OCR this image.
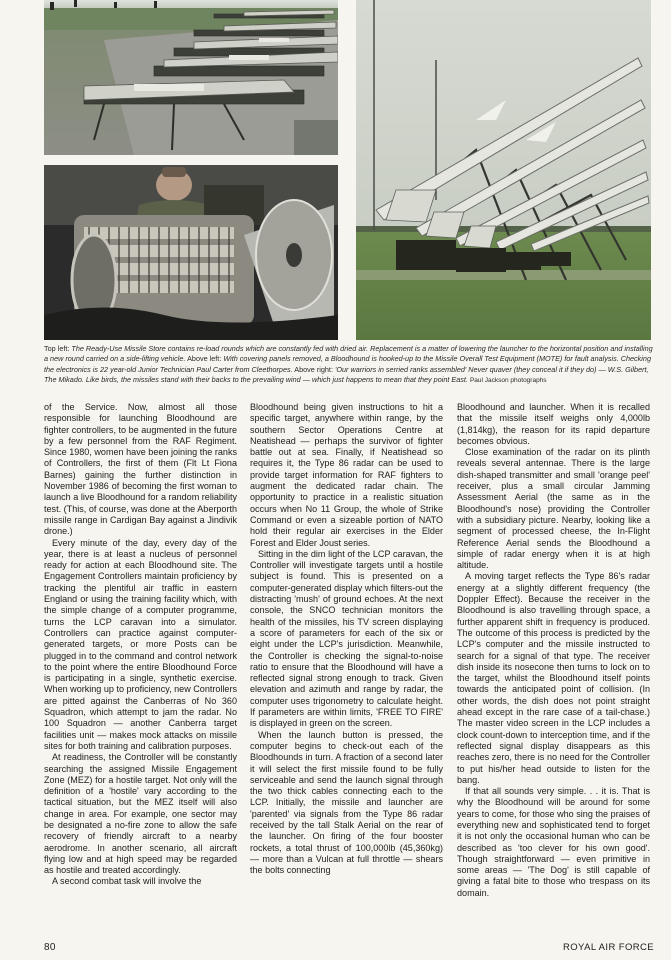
Top left: The Ready-Use Missile Store contains re-load rounds which are constantly fed with dried air. Replacement is a matter of lowering the launcher to the horizontal position and installing a new round carried on a side-lifting vehicle. Above left: With covering panels removed, a Bloodhound is hooked-up to the Missile Overall Test Equipment (MOTE) for fault analysis. Checking the electronics is 22 year-old Junior Technician Paul Carter from Cleethorpes. Above right: 'Our warriors in serried ranks assembled' Never quaver (they conceal it if they do) — W.S. Gilbert, The Mikado. Like birds, the missiles stand with their backs to the prevailing wind — which just happens to mean that they point East. Paul Jackson photographs

of the Service. Now, almost all those responsible for launching Bloodhound are fighter controllers, to be augmented in the future by a few personnel from the RAF Regiment. Since 1980, women have been joining the ranks of Controllers, the first of them (Flt Lt Fiona Barnes) gaining the further distinction in November 1986 of becoming the first woman to launch a live Bloodhound for a random reliability test. (This, of course, was done at the Aberporth missile range in Cardigan Bay against a Jindivik drone.)

Every minute of the day, every day of the year, there is at least a nucleus of personnel ready for action at each Bloodhound site. The Engagement Controllers maintain proficiency by tracking the plentiful air traffic in eastern England or using the training facility which, with the simple change of a computer programme, turns the LCP caravan into a simulator. Controllers can practice against computer-generated targets, or more Posts can be plugged in to the command and control network to the point where the entire Bloodhound Force is participating in a single, synthetic exercise. When working up to proficiency, new Controllers are pitted against the Canberras of No 360 Squadron, which attempt to jam the radar. No 100 Squadron — another Canberra target facilities unit — makes mock attacks on missile sites for both training and calibration purposes.

At readiness, the Controller will be constantly searching the assigned Missile Engagement Zone (MEZ) for a hostile target. Not only will the definition of a 'hostile' vary according to the tactical situation, but the MEZ itself will also change in area. For example, one sector may be designated a no-fire zone to allow the safe recovery of friendly aircraft to a nearby aerodrome. In another scenario, all aircraft flying low and at high speed may be regarded as hostile and treated accordingly.

A second combat task will involve the

Bloodhound being given instructions to hit a specific target, anywhere within range, by the southern Sector Operations Centre at Neatishead — perhaps the survivor of fighter battle out at sea. Finally, if Neatishead so requires it, the Type 86 radar can be used to provide target information for RAF fighters to augment the dedicated radar chain. The opportunity to practice in a realistic situation occurs when No 11 Group, the whole of Strike Command or even a sizeable portion of NATO hold their regular air exercises in the Elder Forest and Elder Joust series.

Sitting in the dim light of the LCP caravan, the Controller will investigate targets until a hostile subject is found. This is presented on a computer-generated display which filters-out the distracting 'mush' of ground echoes. At the next console, the SNCO technician monitors the health of the missiles, his TV screen displaying a score of parameters for each of the six or eight under the LCP's jurisdiction. Meanwhile, the Controller is checking the signal-to-noise ratio to ensure that the Bloodhound will have a reflected signal strong enough to track. Given elevation and azimuth and range by radar, the computer uses trigonometry to calculate height. If parameters are within limits, 'FREE TO FIRE' is displayed in green on the screen.

When the launch button is pressed, the computer begins to check-out each of the Bloodhounds in turn. A fraction of a second later it will select the first missile found to be fully serviceable and send the launch signal through the two thick cables connecting each to the LCP. Initially, the missile and launcher are 'parented' via signals from the Type 86 radar received by the tall Stalk Aerial on the rear of the launcher. On firing of the four booster rockets, a total thrust of 100,000lb (45,360kg) — more than a Vulcan at full throttle — shears the bolts connecting

Bloodhound and launcher. When it is recalled that the missile itself weighs only 4,000lb (1,814kg), the reason for its rapid departure becomes obvious.

Close examination of the radar on its plinth reveals several antennae. There is the large dish-shaped transmitter and small 'orange peel' receiver, plus a small circular Jamming Assessment Aerial (the same as in the Bloodhound's nose) providing the Controller with a subsidiary picture. Nearby, looking like a segment of processed cheese, the In-Flight Reference Aerial sends the Bloodhound a simple of radar energy when it is at high altitude.

A moving target reflects the Type 86's radar energy at a slightly different frequency (the Doppler Effect). Because the receiver in the Bloodhound is also travelling through space, a further apparent shift in frequency is produced. The outcome of this process is predicted by the LCP's computer and the missile instructed to search for a signal of that type. The receiver dish inside its nosecone then turns to lock on to the target, whilst the Bloodhound itself points towards the anticipated point of collision. (In other words, the dish does not point straight ahead except in the rare case of a tail-chase.) The master video screen in the LCP includes a clock count-down to interception time, and if the reflected signal display disappears as this reaches zero, there is no need for the Controller to put his/her head outside to listen for the bang.

If that all sounds very simple. . . it is. That is why the Bloodhound will be around for some years to come, for those who sing the praises of everything new and sophisticated tend to forget it is not only the occasional human who can be described as 'too clever for his own good'. Though straightforward — even primitive in some areas — 'The Dog' is still capable of giving a fatal bite to those who trespass on its domain.

80	ROYAL AIR FORCE
